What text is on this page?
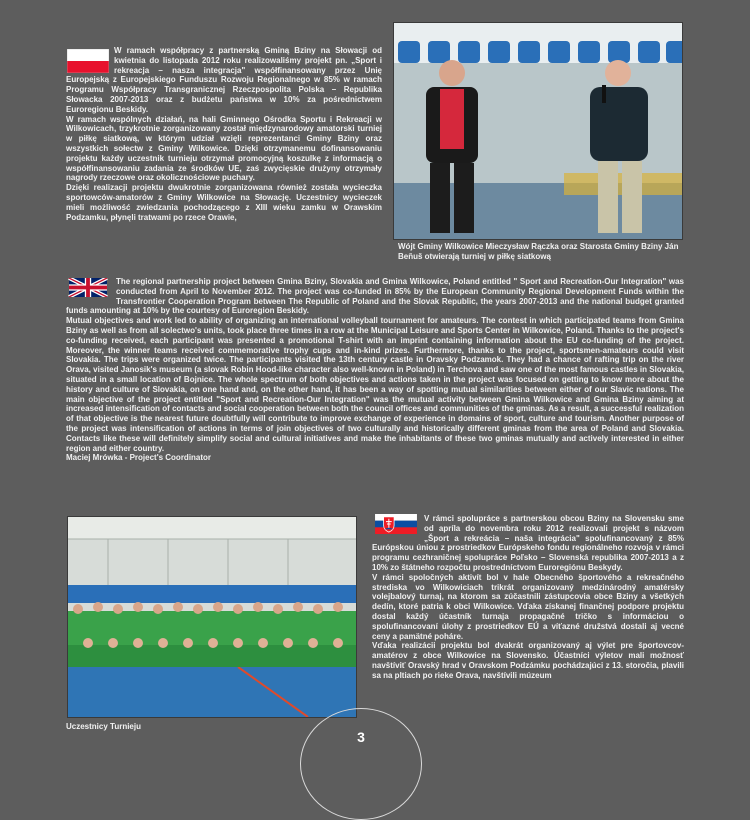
W ramach współpracy z partnerską Gminą Bziny na Słowacji od kwietnia do listopada 2012 roku realizowaliśmy projekt pn. „Sport i rekreacja – nasza integracja" współfinansowany przez Unię Europejską z Europejskiego Funduszu Rozwoju Regionalnego w 85% w ramach Programu Współpracy Transgranicznej Rzeczpospolita Polska – Republika Słowacka 2007-2013 oraz z budżetu państwa w 10% za pośrednictwem Euroregionu Beskidy.
W ramach wspólnych działań, na hali Gminnego Ośrodka Sportu i Rekreacji w Wilkowicach, trzykrotnie zorganizowany został międzynarodowy amatorski turniej w piłkę siatkową, w którym udział wzięli reprezentanci Gminy Bziny oraz wszystkich sołectw z Gminy Wilkowice. Dzięki otrzymanemu dofinansowaniu projektu każdy uczestnik turnieju otrzymał promocyjną koszulkę z informacją o współfinansowaniu zadania ze środków UE, zaś zwycięskie drużyny otrzymały nagrody rzeczowe oraz okolicznościowe puchary.
Dzięki realizacji projektu dwukrotnie zorganizowana również została wycieczka sportowców-amatorów z Gminy Wilkowice na Słowację. Uczestnicy wycieczek mieli możliwość zwiedzania pochodzącego z XIII wieku zamku w Orawskim Podzamku, płynęli tratwami po rzece Orawie,
Wójt Gminy Wilkowice Mieczysław Rączka oraz Starosta Gminy Bziny Ján Beňuš otwierają turniej w piłkę siatkową
The regional partnership project between Gmina Bziny, Slovakia and Gmina Wilkowice, Poland entitled " Sport and Recreation-Our Integration" was conducted from April to November 2012. The project was co-funded in 85% by the European Community Regional Development Funds within the Transfrontier Cooperation Program between The Republic of Poland and the Slovak Republic, the years 2007-2013 and the national budget granted funds amounting at 10% by the courtesy of Euroregion Beskidy.
Mutual objectives and work led to ability of organizing an international volleyball tournament for amateurs. The contest in which participated teams from Gmina Bziny as well as from all solectwo's units, took place three times in a row at the Municipal Leisure and Sports Center in Wilkowice, Poland. Thanks to the project's co-funding received, each participant was presented a promotional T-shirt with an imprint containing information about the EU co-funding of the project. Moreover, the winner teams received commemorative trophy cups and in-kind prizes. Furthermore, thanks to the project, sportsmen-amateurs could visit Slovakia. The trips were organized twice. The participants visited the 13th century castle in Oravsky Podzamok. They had a chance of rafting trip on the river Orava, visited Janosik's museum (a slovak Robin Hood-like character also well-known in Poland) in Terchova and saw one of the most famous castles in Slovakia, situated in a small location of Bojnice. The whole spectrum of both objectives and actions taken in the project was focused on getting to know more about the history and culture of Slovakia, on one hand and, on the other hand, it has been a way of spotting mutual similarities between either of our Slavic nations. The main objective of the project entitled "Sport and Recreation-Our Integration" was the mutual activity between Gmina Wilkowice and Gmina Bziny aiming at increased intensification of contacts and social cooperation between both the council offices and communities of the gminas. As a result, a successful realization of that objective is the nearest future doubtfully will contribute to improve exchange of experience in domains of sport, culture and tourism. Another purpose of the project was intensification of actions in terms of join objectives of two culturally and historically different gminas from the area of Poland and Slovakia. Contacts like these will definitely simplify social and cultural initiatives and make the inhabitants of these two gminas mutually and actively interested in either region and either country.
Maciej Mrówka - Project's Coordinator
Uczestnicy Turnieju
V rámci spolupráce s partnerskou obcou Bziny na Slovensku sme od apríla do novembra roku 2012 realizovali projekt s názvom „Šport a rekreácia – naša integrácia" spolufinancovaný z 85% Európskou úniou z prostriedkov Európskeho fondu regionálneho rozvoja v rámci programu cezhraničnej spolupráce Poľsko – Slovenská republika 2007-2013 a z 10% zo štátneho rozpočtu prostredníctvom Euroregiónu Beskydy.
V rámci spoločných aktivít bol v hale Obecného športového a rekreačného strediska vo Wilkowiciach trikrát organizovaný medzinárodný amatérsky volejbalový turnaj, na ktorom sa zúčastnili zástupcovia obce Bziny a všetkých dedín, ktoré patria k obci Wilkowice. Vďaka získanej finančnej podpore projektu dostal každý účastník turnaja propagačné tričko s informáciou o spolufinancovaní úlohy z prostriedkov EÚ a víťazné družstvá dostali aj vecné ceny a pamätné poháre.
Vďaka realizácii projektu bol dvakrát organizovaný aj výlet pre športovcov-amatérov z obce Wilkowice na Slovensko. Účastníci výletov mali možnosť navštíviť Oravský hrad v Oravskom Podzámku pochádzajúci z 13. storočia, plavili sa na pltiach po rieke Orava, navštívili múzeum
3
